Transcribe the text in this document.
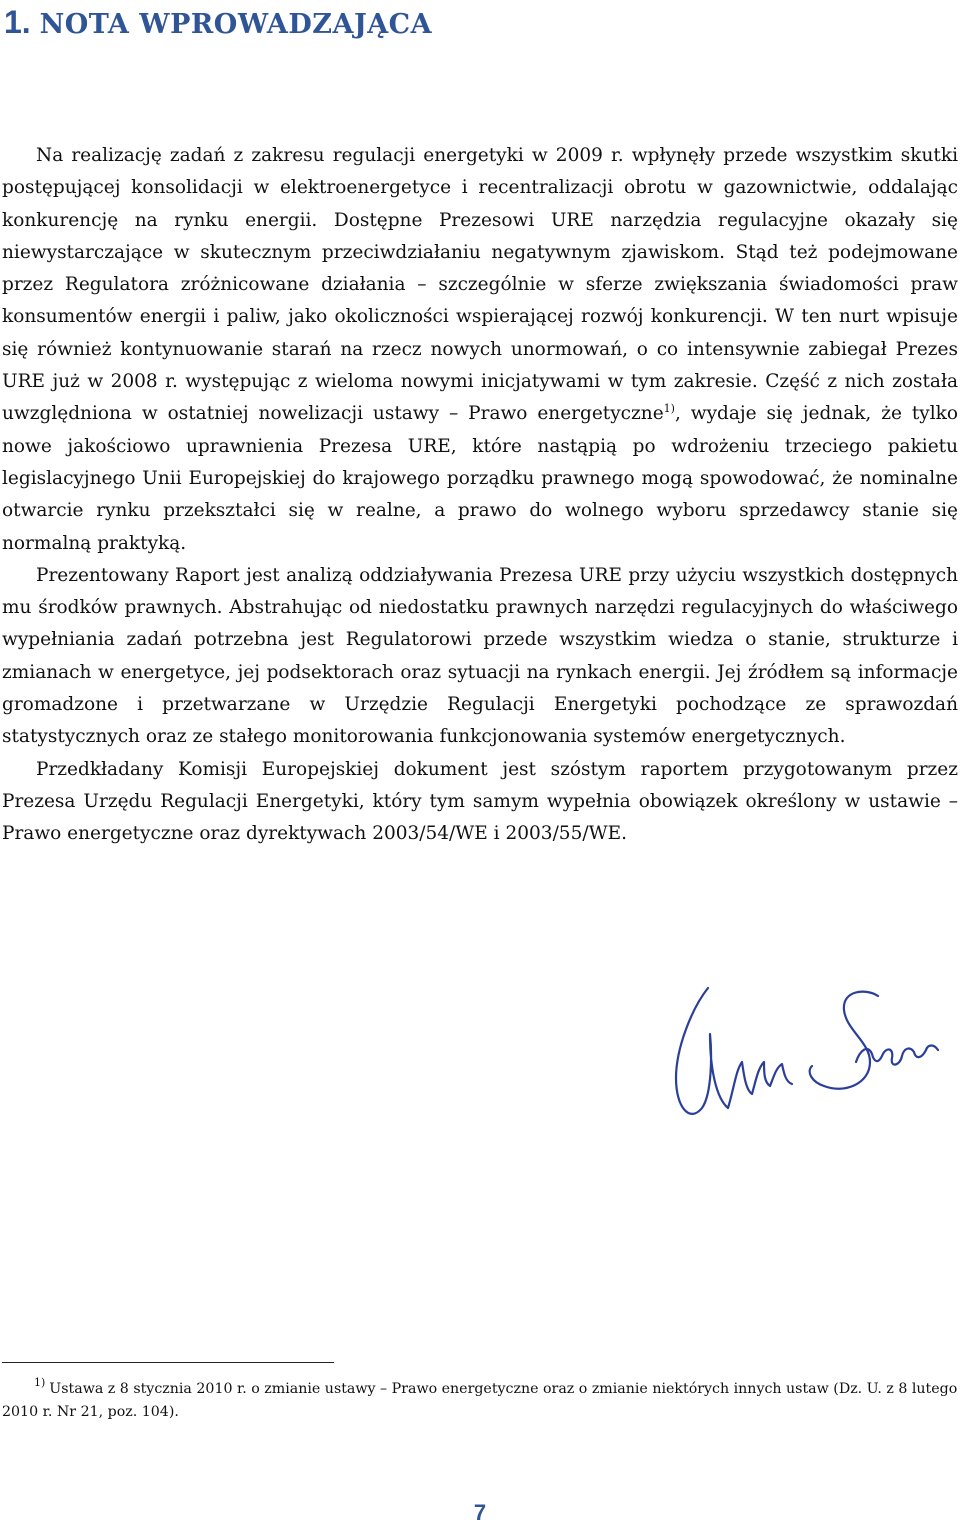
1. NOTA WPROWADZAJĄCA

Na realizację zadań z zakresu regulacji energetyki w 2009 r. wpłynęły przede wszystkim skutki postępującej konsolidacji w elektroenergetyce i recentralizacji obrotu w gazownictwie, oddalając konkurencję na rynku energii. Dostępne Prezesowi URE narzędzia regulacyjne okazały się niewystarczające w skutecznym przeciwdziałaniu negatywnym zjawiskom. Stąd też podejmowane przez Regulatora zróżnicowane działania – szczególnie w sferze zwiększania świadomości praw konsumentów energii i paliw, jako okoliczności wspierającej rozwój konkurencji. W ten nurt wpisuje się również kontynuowanie starań na rzecz nowych unormowań, o co intensywnie zabiegał Prezes URE już w 2008 r. występując z wieloma nowymi inicjatywami w tym zakresie. Część z nich została uwzględniona w ostatniej nowelizacji ustawy – Prawo energetyczne$^{1)}$, wydaje się jednak, że tylko nowe jakościowo uprawnienia Prezesa URE, które nastąpią po wdrożeniu trzeciego pakietu legislacyjnego Unii Europejskiej do krajowego porządku prawnego mogą spowodować, że nominalne otwarcie rynku przekształci się w realne, a prawo do wolnego wyboru sprzedawcy stanie się normalną praktyką.

Prezentowany Raport jest analizą oddziaływania Prezesa URE przy użyciu wszystkich dostępnych mu środków prawnych. Abstrahując od niedostatku prawnych narzędzi regulacyjnych do właściwego wypełniania zadań potrzebna jest Regulatorowi przede wszystkim wiedza o stanie, strukturze i zmianach w energetyce, jej podsektorach oraz sytuacji na rynkach energii. Jej źródłem są informacje gromadzone i przetwarzane w Urzędzie Regulacji Energetyki pochodzące ze sprawozdań statystycznych oraz ze stałego monitorowania funkcjonowania systemów energetycznych.

Przedkładany Komisji Europejskiej dokument jest szóstym raportem przygotowanym przez Prezesa Urzędu Regulacji Energetyki, który tym samym wypełnia obowiązek określony w ustawie – Prawo energetyczne oraz dyrektywach 2003/54/WE i 2003/55/WE.

$^{1)}$ Ustawa z 8 stycznia 2010 r. o zmianie ustawy – Prawo energetyczne oraz o zmianie niektórych innych ustaw (Dz. U. z 8 lutego 2010 r. Nr 21, poz. 104).
7
